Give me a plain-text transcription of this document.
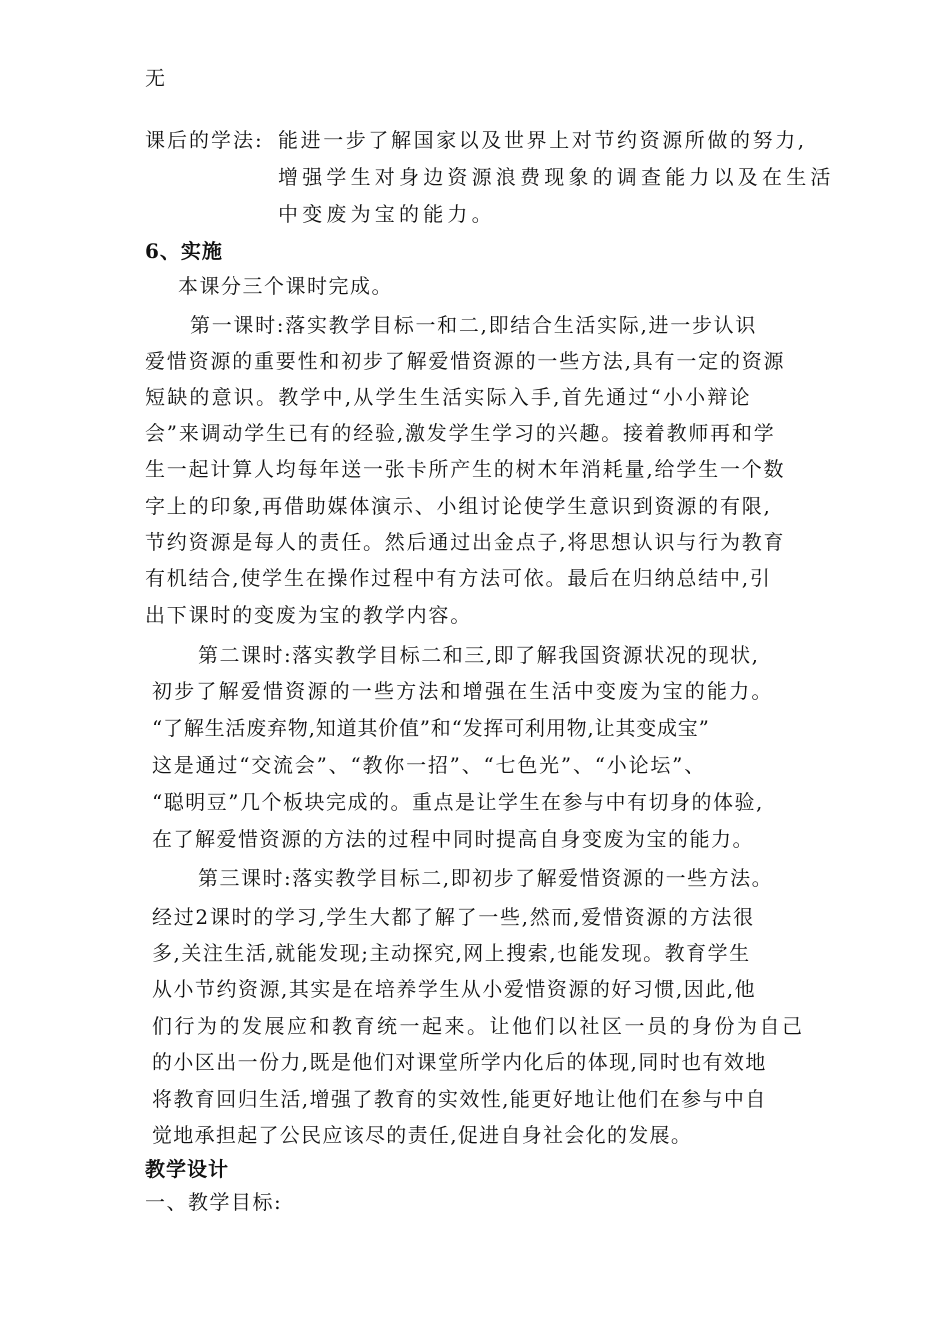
无
课后的学法: 能进一步了解国家以及世界上对节约资源所做的努力,
增强学生对身边资源浪费现象的调查能力以及在生活
中变废为宝的能力。
6、实施
本课分三个课时完成。
第一课时:落实教学目标一和二,即结合生活实际,进一步认识
爱惜资源的重要性和初步了解爱惜资源的一些方法,具有一定的资源
短缺的意识。教学中,从学生生活实际入手,首先通过“小小辩论
会”来调动学生已有的经验,激发学生学习的兴趣。接着教师再和学
生一起计算人均每年送一张卡所产生的树木年消耗量,给学生一个数
字上的印象,再借助媒体演示、小组讨论使学生意识到资源的有限,
节约资源是每人的责任。然后通过出金点子,将思想认识与行为教育
有机结合,使学生在操作过程中有方法可依。最后在归纳总结中,引
出下课时的变废为宝的教学内容。
第二课时:落实教学目标二和三,即了解我国资源状况的现状,
初步了解爱惜资源的一些方法和增强在生活中变废为宝的能力。
“了解生活废弃物,知道其价值”和“发挥可利用物,让其变成宝”
这是通过“交流会”、“教你一招”、“七色光”、“小论坛”、
“聪明豆”几个板块完成的。重点是让学生在参与中有切身的体验,
在了解爱惜资源的方法的过程中同时提高自身变废为宝的能力。
第三课时:落实教学目标二,即初步了解爱惜资源的一些方法。
经过2课时的学习,学生大都了解了一些,然而,爱惜资源的方法很
多,关注生活,就能发现;主动探究,网上搜索,也能发现。教育学生
从小节约资源,其实是在培养学生从小爱惜资源的好习惯,因此,他
们行为的发展应和教育统一起来。让他们以社区一员的身份为自己
的小区出一份力,既是他们对课堂所学内化后的体现,同时也有效地
将教育回归生活,增强了教育的实效性,能更好地让他们在参与中自
觉地承担起了公民应该尽的责任,促进自身社会化的发展。
教学设计
一、教学目标:
